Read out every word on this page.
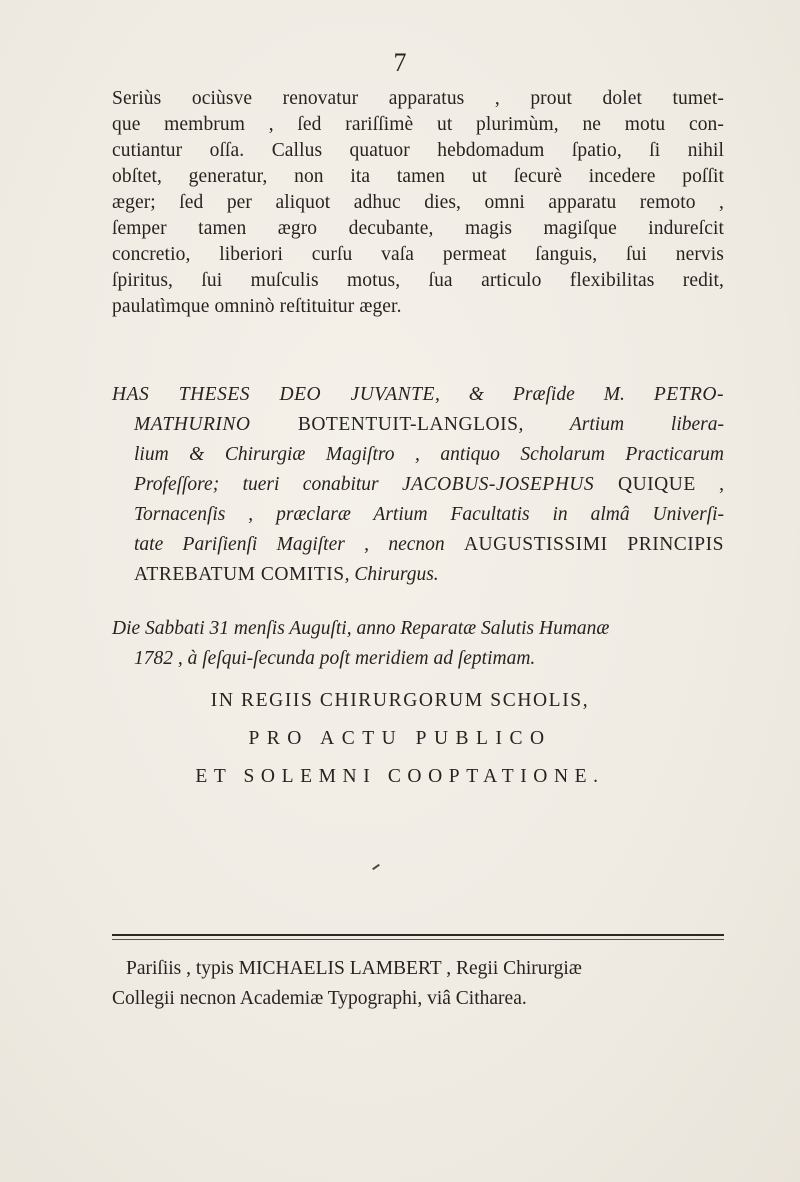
7
Seriùs ociùsve renovatur apparatus , prout dolet tumet-
que membrum , ſed rariſſimè ut plurimùm, ne motu con-
cutiantur oſſa. Callus quatuor hebdomadum ſpatio, ſi nihil
obſtet, generatur, non ita tamen ut ſecurè incedere poſſit
æger; ſed per aliquot adhuc dies, omni apparatu remoto ,
ſemper tamen ægro decubante, magis magiſque indureſcit
concretio, liberiori curſu vaſa permeat ſanguis, ſui nervis
ſpiritus, ſui muſculis motus, ſua articulo flexibilitas redit,
paulatìmque omninò reſtituitur æger.
HAS THESES DEO JUVANTE, & Præſide M. PETRO-
MATHURINO BOTENTUIT-LANGLOIS, Artium libera-
lium & Chirurgiæ Magiſtro , antiquo Scholarum Practicarum
Profeſſore; tueri conabitur JACOBUS-JOSEPHUS QUIQUE ,
Tornacenſis , præclaræ Artium Facultatis in almâ Univerſi-
tate Pariſienſi Magiſter , necnon AUGUSTISSIMI PRINCIPIS
ATREBATUM COMITIS, Chirurgus.
Die Sabbati 31 menſis Auguſti, anno Reparatæ Salutis Humanæ
1782 , à ſeſqui-ſecunda poſt meridiem ad ſeptimam.
IN REGIIS CHIRURGORUM SCHOLIS,
PRO ACTU PUBLICO
ET SOLEMNI COOPTATIONE.
Pariſiis , typis MICHAELIS LAMBERT , Regii Chirurgiæ
Collegii necnon Academiæ Typographi, viâ Citharea.
